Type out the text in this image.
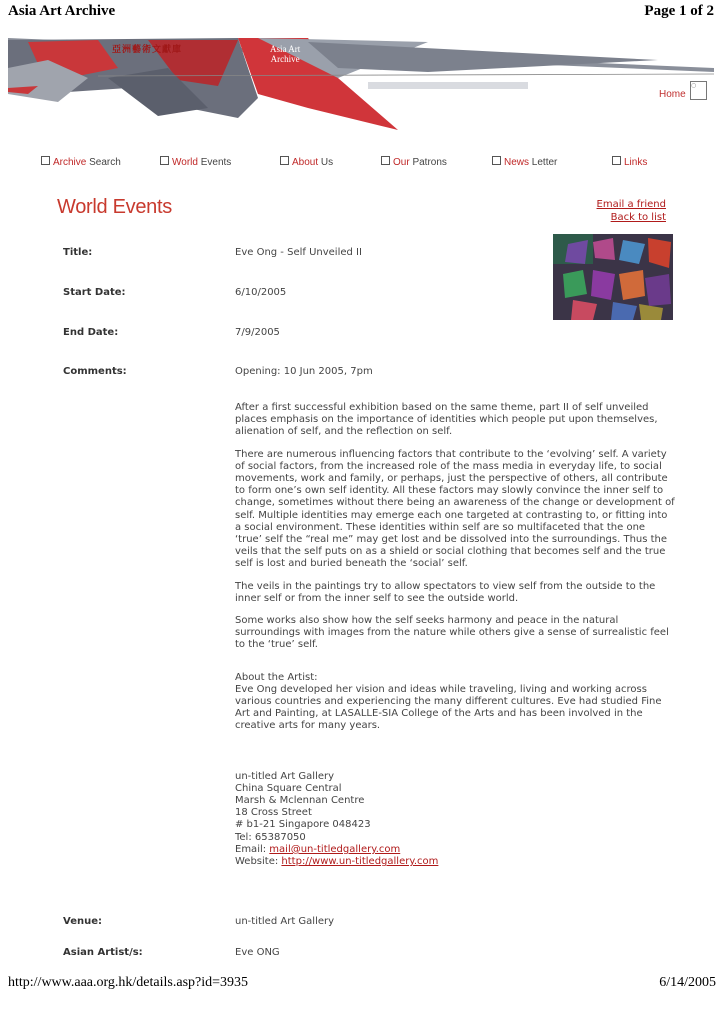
Asia Art Archive	Page 1 of 2
亞洲藝術文獻庫	Asia Art
Archive
Home
○
Archive Search	World Events	About Us	Our Patrons	News Letter	Links
World Events	Email a friend
Back to list
Title:	Eve Ong - Self Unveiled II
Start Date:	6/10/2005
End Date:	7/9/2005
Comments:	Opening: 10 Jun 2005, 7pm

After a first successful exhibition based on the same theme, part II of self unveiled places emphasis on the importance of identities which people put upon themselves, alienation of self, and the reflection on self.

There are numerous influencing factors that contribute to the ‘evolving’ self. A variety of social factors, from the increased role of the mass media in everyday life, to social movements, work and family, or perhaps, just the perspective of others, all contribute to form one’s own self identity. All these factors may slowly convince the inner self to change, sometimes without there being an awareness of the change or development of self. Multiple identities may emerge each one targeted at contrasting to, or fitting into a social environment. These identities within self are so multifaceted that the one ‘true’ self the “real me” may get lost and be dissolved into the surroundings. Thus the veils that the self puts on as a shield or social clothing that becomes self and the true self is lost and buried beneath the ‘social’ self.

The veils in the paintings try to allow spectators to view self from the outside to the inner self or from the inner self to see the outside world.

Some works also show how the self seeks harmony and peace in the natural surroundings with images from the nature while others give a sense of surrealistic feel to the ‘true’ self.

About the Artist:
Eve Ong developed her vision and ideas while traveling, living and working across various countries and experiencing the many different cultures. Eve had studied Fine Art and Painting, at LASALLE-SIA College of the Arts and has been involved in the creative arts for many years.

un-titled Art Gallery
China Square Central
Marsh & Mclennan Centre
18 Cross Street
# b1-21 Singapore 048423
Tel: 65387050
Email: mail@un-titledgallery.com
Website: http://www.un-titledgallery.com

Venue:	un-titled Art Gallery
Asian Artist/s:	Eve ONG
http://www.aaa.org.hk/details.asp?id=3935	6/14/2005
